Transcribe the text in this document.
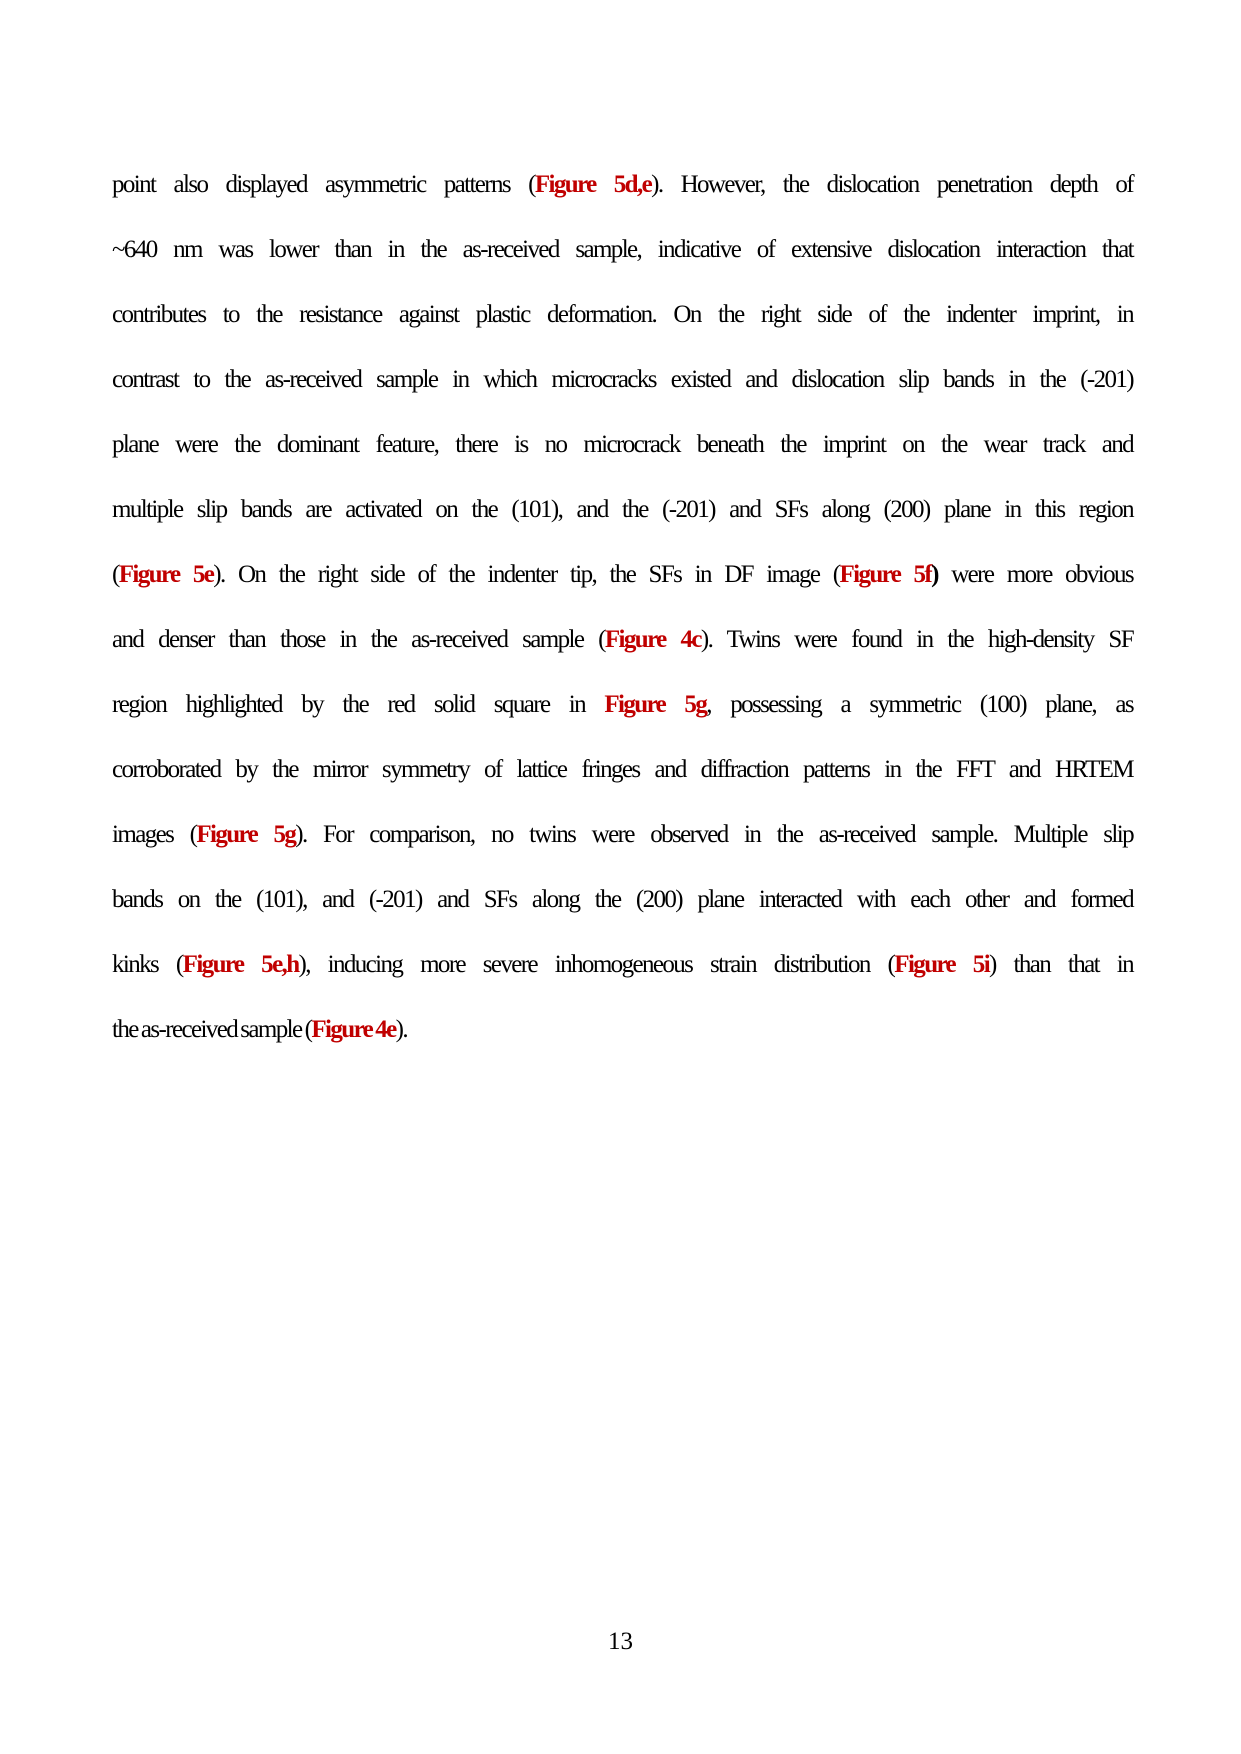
point also displayed asymmetric patterns (Figure 5d,e). However, the dislocation penetration depth of
~640 nm was lower than in the as-received sample, indicative of extensive dislocation interaction that
contributes to the resistance against plastic deformation. On the right side of the indenter imprint, in
contrast to the as-received sample in which microcracks existed and dislocation slip bands in the (-201)
plane were the dominant feature, there is no microcrack beneath the imprint on the wear track and
multiple slip bands are activated on the (101), and the (-201) and SFs along (200) plane in this region
(Figure 5e). On the right side of the indenter tip, the SFs in DF image (Figure 5f) were more obvious
and denser than those in the as-received sample (Figure 4c). Twins were found in the high-density SF
region highlighted by the red solid square in Figure 5g, possessing a symmetric (100) plane, as
corroborated by the mirror symmetry of lattice fringes and diffraction patterns in the FFT and HRTEM
images (Figure 5g). For comparison, no twins were observed in the as-received sample. Multiple slip
bands on the (101), and (-201) and SFs along the (200) plane interacted with each other and formed
kinks (Figure 5e,h), inducing more severe inhomogeneous strain distribution (Figure 5i) than that in
the as-received sample (Figure 4e).
13
